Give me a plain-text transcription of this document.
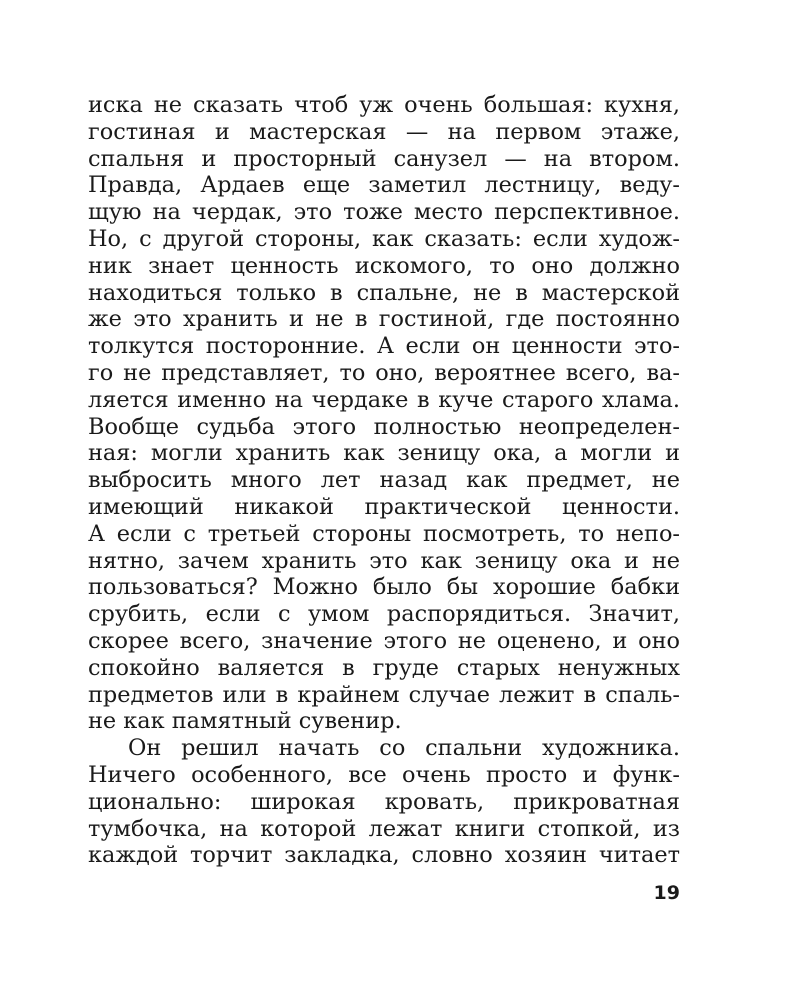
иска не сказать чтоб уж очень большая: кухня,
гостиная и мастерская — на первом этаже,
спальня и просторный санузел — на втором.
Правда, Ардаев еще заметил лестницу, веду-
щую на чердак, это тоже место перспективное.
Но, с другой стороны, как сказать: если худож-
ник знает ценность искомого, то оно должно
находиться только в спальне, не в мастерской
же это хранить и не в гостиной, где постоянно
толкутся посторонние. А если он ценности это-
го не представляет, то оно, вероятнее всего, ва-
ляется именно на чердаке в куче старого хлама.
Вообще судьба этого полностью неопределен-
ная: могли хранить как зеницу ока, а могли и
выбросить много лет назад как предмет, не
имеющий никакой практической ценности.
А если с третьей стороны посмотреть, то непо-
нятно, зачем хранить это как зеницу ока и не
пользоваться? Можно было бы хорошие бабки
срубить, если с умом распорядиться. Значит,
скорее всего, значение этого не оценено, и оно
спокойно валяется в груде старых ненужных
предметов или в крайнем случае лежит в спаль-
не как памятный сувенир.
Он решил начать со спальни художника.
Ничего особенного, все очень просто и функ-
ционально: широкая кровать, прикроватная
тумбочка, на которой лежат книги стопкой, из
каждой торчит закладка, словно хозяин читает
19
